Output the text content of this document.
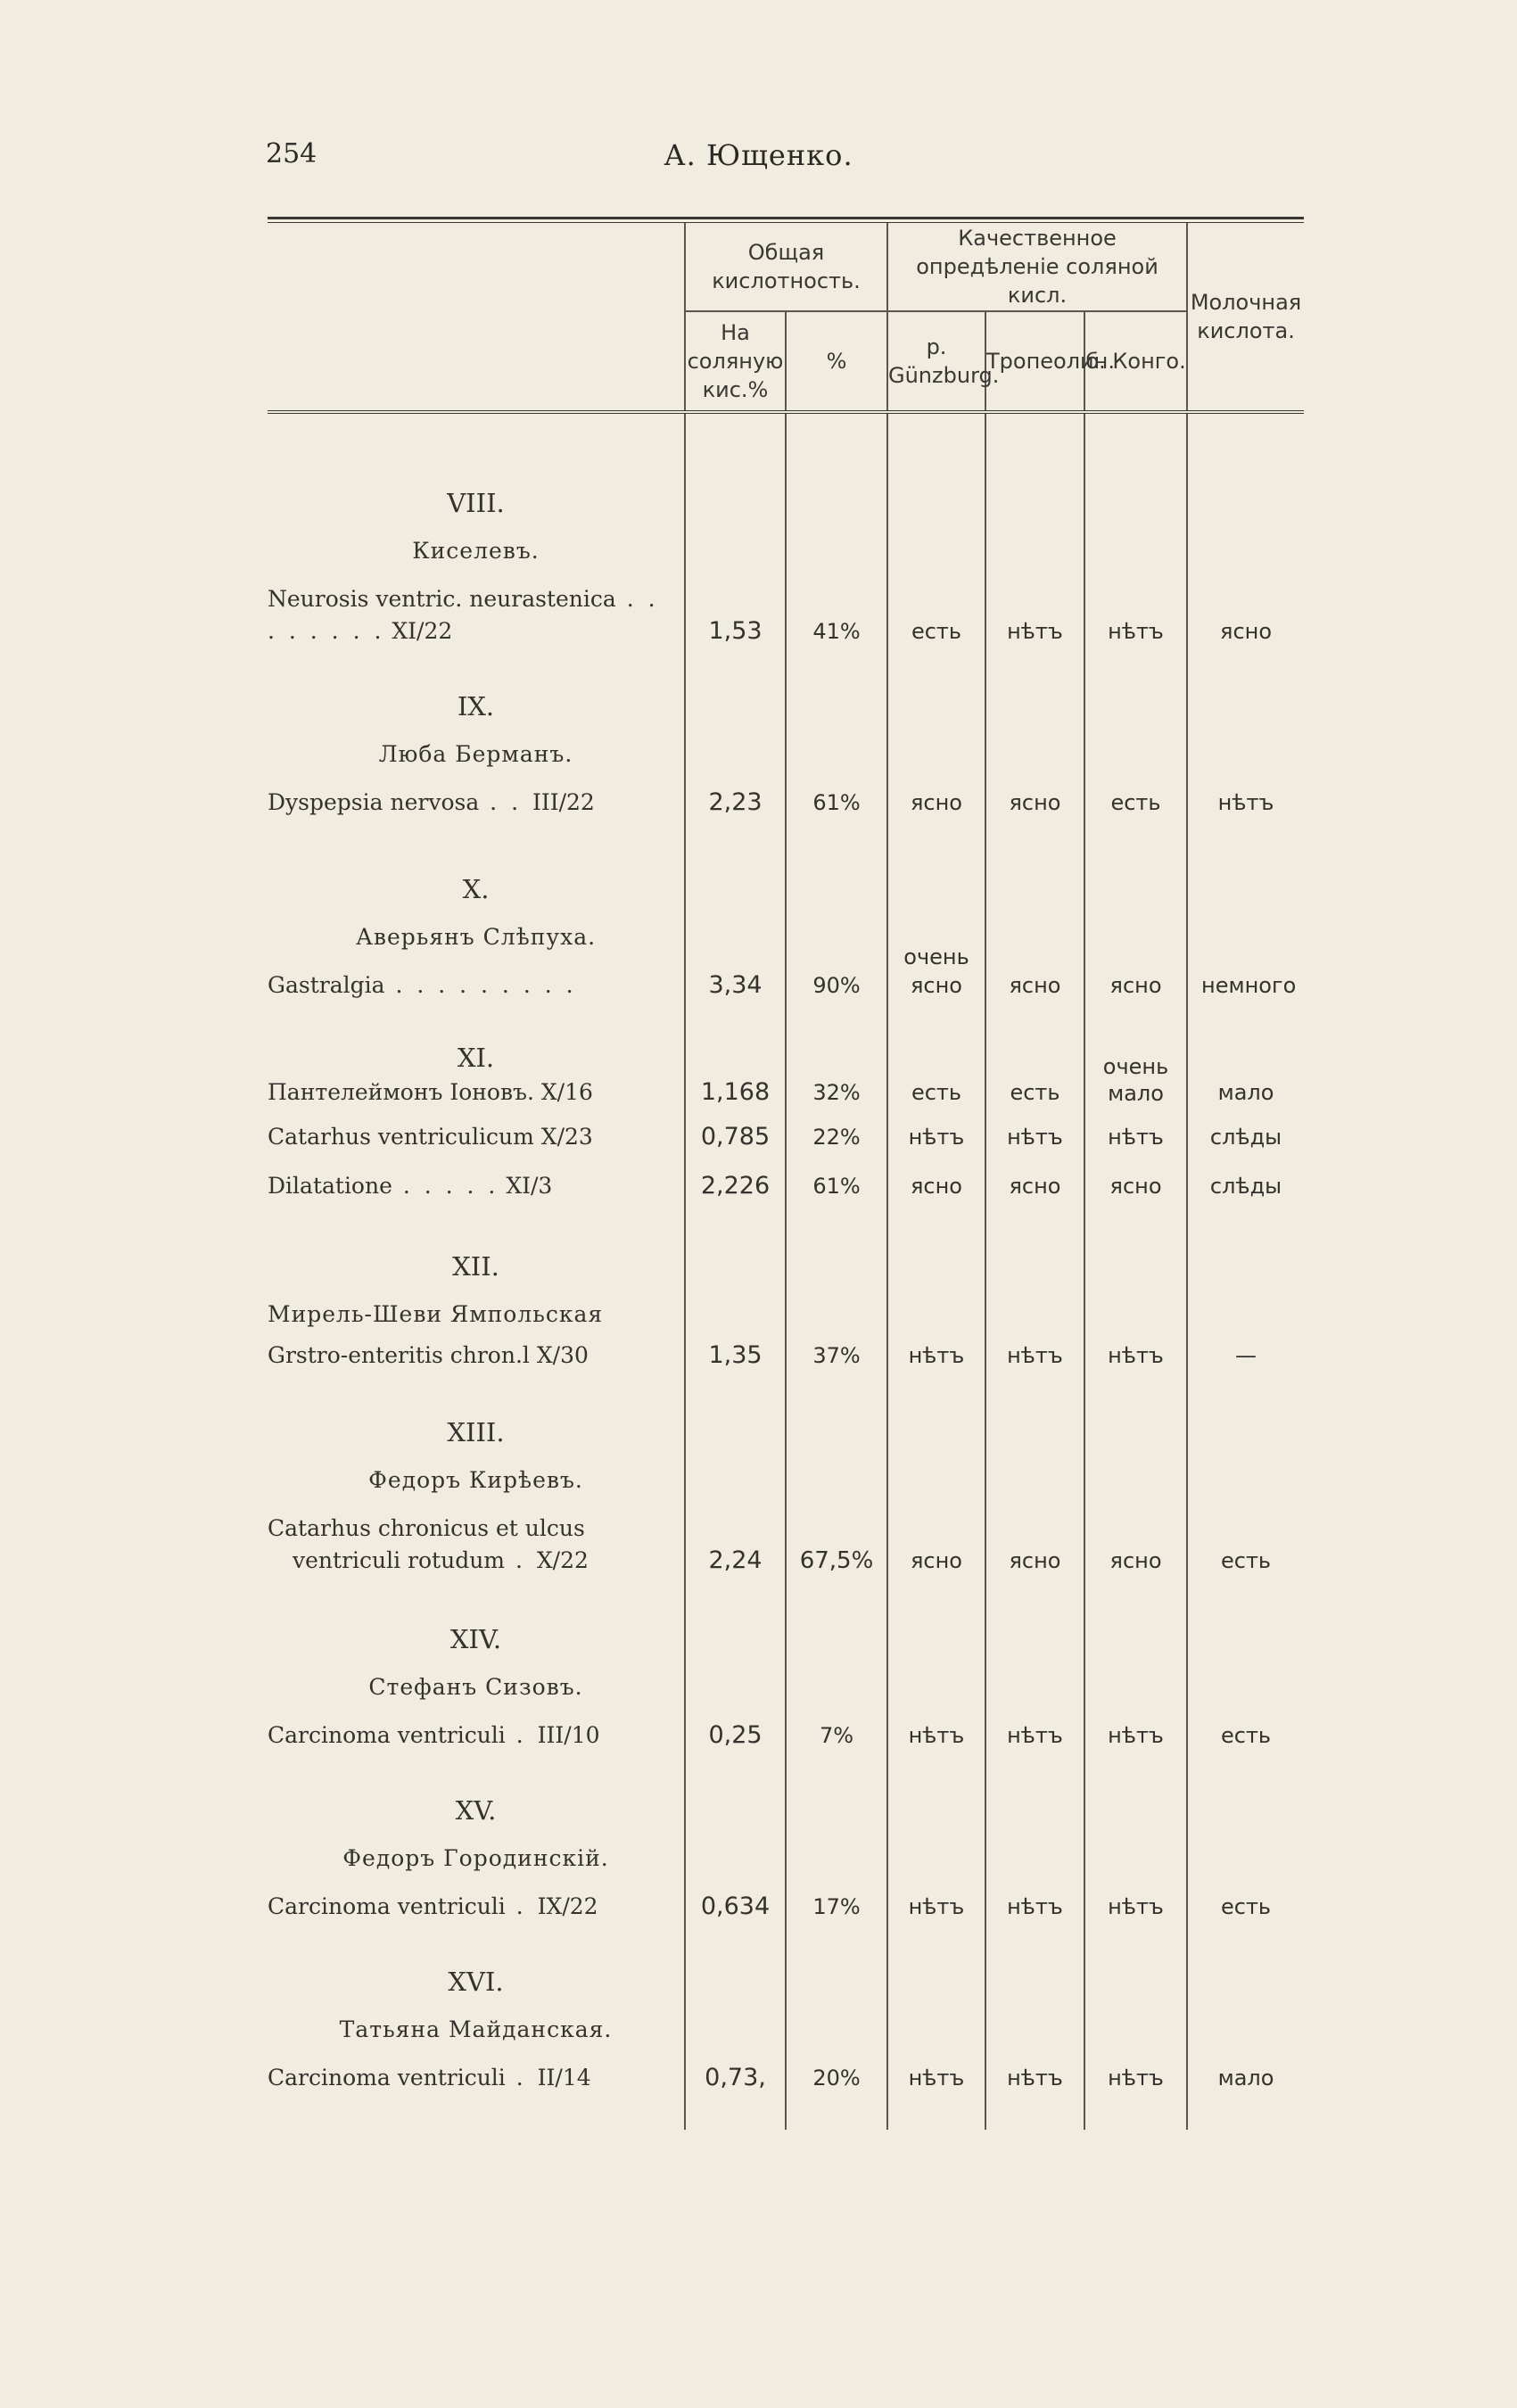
254	А. Ющенко.
	Общая кислотность.		Качественное опредѣленіе соляной кисл.			Молочная кислота.
	На соляную кис.%	%	р. Günzburg.	Тропеолин.	б. Конго.	

VIII.
Киселевъ.
Neurosis ventric. neurastenica . . . . . . . . XI/22	1,53	41%	есть	нѣтъ	нѣтъ	ясно

IX.
Люба Берманъ.
Dyspepsia nervosa . . III/22	2,23	61%	ясно	ясно	есть	нѣтъ

X.
Аверьянъ Слѣпуха.
Gastralgia . . . . . . . . .	3,34	90%	очень ясно	ясно	ясно	немного

XI.
Пантелеймонъ Іоновъ. X/16	1,168	32%	есть	есть	очень мало	мало

Catarhus ventriculicum X/23	0,785	22%	нѣтъ	нѣтъ	нѣтъ	слѣды

Dilatatione . . . . . XI/3	2,226	61%	ясно	ясно	ясно	слѣды

XII.
Мирель-Шеви Ямпольская
Grstro-enteritis chron.l X/30	1,35	37%	нѣтъ	нѣтъ	нѣтъ	—

XIII.
Федоръ Кирѣевъ.
Catarhus chronicus et ulcus ventriculi rotudum . X/22	2,24	67,5%	ясно	ясно	ясно	есть

XIV.
Стефанъ Сизовъ.
Carcinoma ventriculi . III/10	0,25	7%	нѣтъ	нѣтъ	нѣтъ	есть

XV.
Федоръ Городинскій.
Carcinoma ventriculi . IX/22	0,634	17%	нѣтъ	нѣтъ	нѣтъ	есть

XVI.
Татьяна Майданская.
Carcinoma ventriculi . II/14	0,73,	20%	нѣтъ	нѣтъ	нѣтъ	мало
